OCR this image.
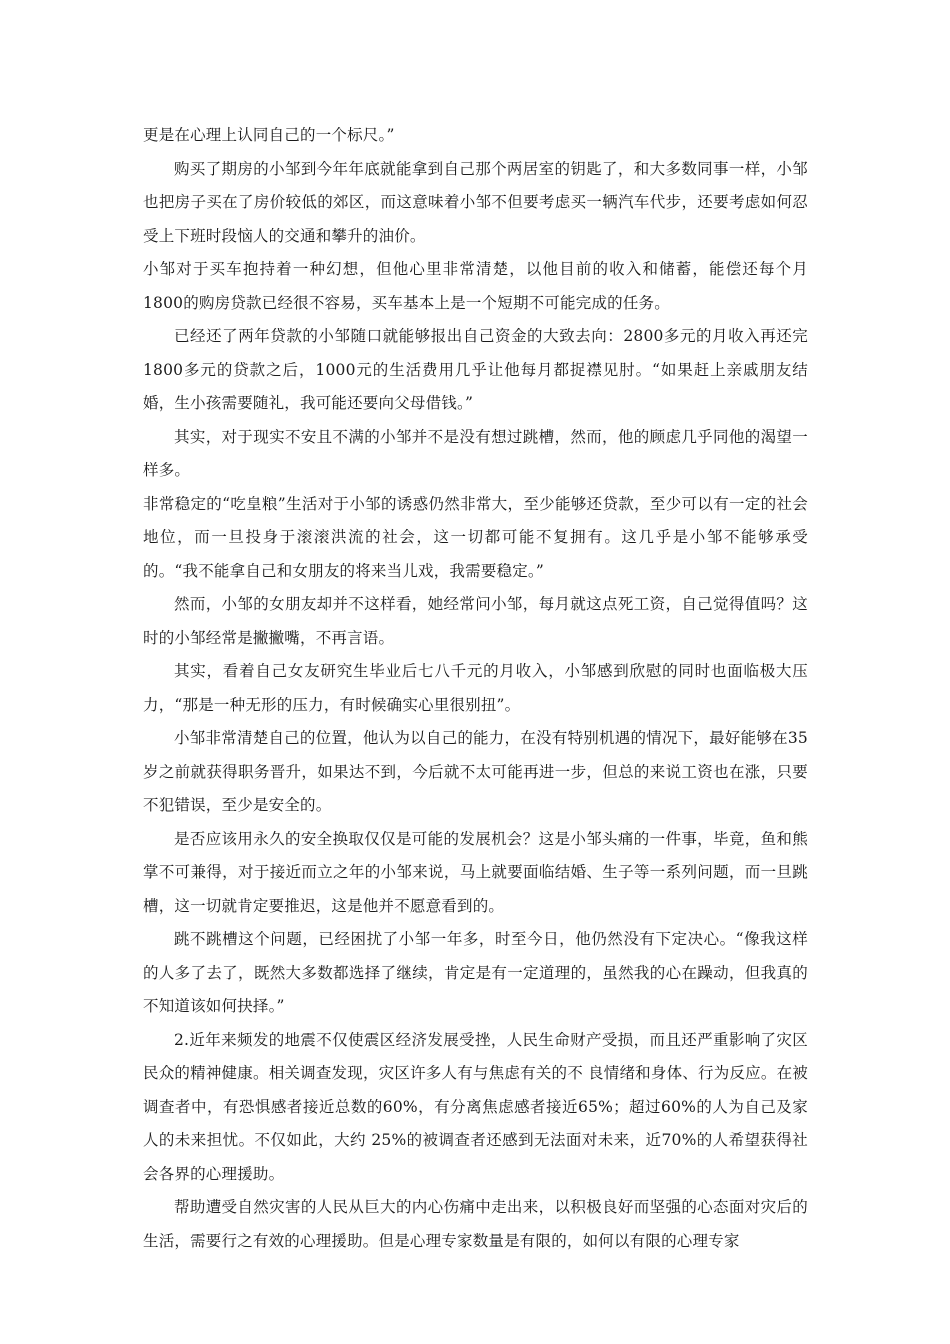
更是在心理上认同自己的一个标尺。”

购买了期房的小邹到今年年底就能拿到自己那个两居室的钥匙了，和大多数同事一样，小邹也把房子买在了房价较低的郊区，而这意味着小邹不但要考虑买一辆汽车代步，还要考虑如何忍受上下班时段恼人的交通和攀升的油价。

小邹对于买车抱持着一种幻想，但他心里非常清楚，以他目前的收入和储蓄，能偿还每个月1800的购房贷款已经很不容易，买车基本上是一个短期不可能完成的任务。

已经还了两年贷款的小邹随口就能够报出自己资金的大致去向：2800多元的月收入再还完1800多元的贷款之后，1000元的生活费用几乎让他每月都捉襟见肘。“如果赶上亲戚朋友结婚，生小孩需要随礼，我可能还要向父母借钱。”

其实，对于现实不安且不满的小邹并不是没有想过跳槽，然而，他的顾虑几乎同他的渴望一样多。

非常稳定的“吃皇粮”生活对于小邹的诱惑仍然非常大，至少能够还贷款，至少可以有一定的社会地位，而一旦投身于滚滚洪流的社会，这一切都可能不复拥有。这几乎是小邹不能够承受的。“我不能拿自己和女朋友的将来当儿戏，我需要稳定。”

然而，小邹的女朋友却并不这样看，她经常问小邹，每月就这点死工资，自己觉得值吗？这时的小邹经常是撇撇嘴，不再言语。

其实，看着自己女友研究生毕业后七八千元的月收入，小邹感到欣慰的同时也面临极大压力，“那是一种无形的压力，有时候确实心里很别扭”。

小邹非常清楚自己的位置，他认为以自己的能力，在没有特别机遇的情况下，最好能够在35岁之前就获得职务晋升，如果达不到，今后就不太可能再进一步，但总的来说工资也在涨，只要不犯错误，至少是安全的。

是否应该用永久的安全换取仅仅是可能的发展机会？这是小邹头痛的一件事，毕竟，鱼和熊掌不可兼得，对于接近而立之年的小邹来说，马上就要面临结婚、生子等一系列问题，而一旦跳槽，这一切就肯定要推迟，这是他并不愿意看到的。

跳不跳槽这个问题，已经困扰了小邹一年多，时至今日，他仍然没有下定决心。“像我这样的人多了去了，既然大多数都选择了继续，肯定是有一定道理的，虽然我的心在躁动，但我真的不知道该如何抉择。”

2.近年来频发的地震不仅使震区经济发展受挫，人民生命财产受损，而且还严重影响了灾区民众的精神健康。相关调查发现，灾区许多人有与焦虑有关的不 良情绪和身体、行为反应。在被调查者中，有恐惧感者接近总数的60%，有分离焦虑感者接近65%；超过60%的人为自己及家人的未来担忧。不仅如此，大约 25%的被调查者还感到无法面对未来，近70%的人希望获得社会各界的心理援助。

帮助遭受自然灾害的人民从巨大的内心伤痛中走出来，以积极良好而坚强的心态面对灾后的生活，需要行之有效的心理援助。但是心理专家数量是有限的，如何以有限的心理专家
